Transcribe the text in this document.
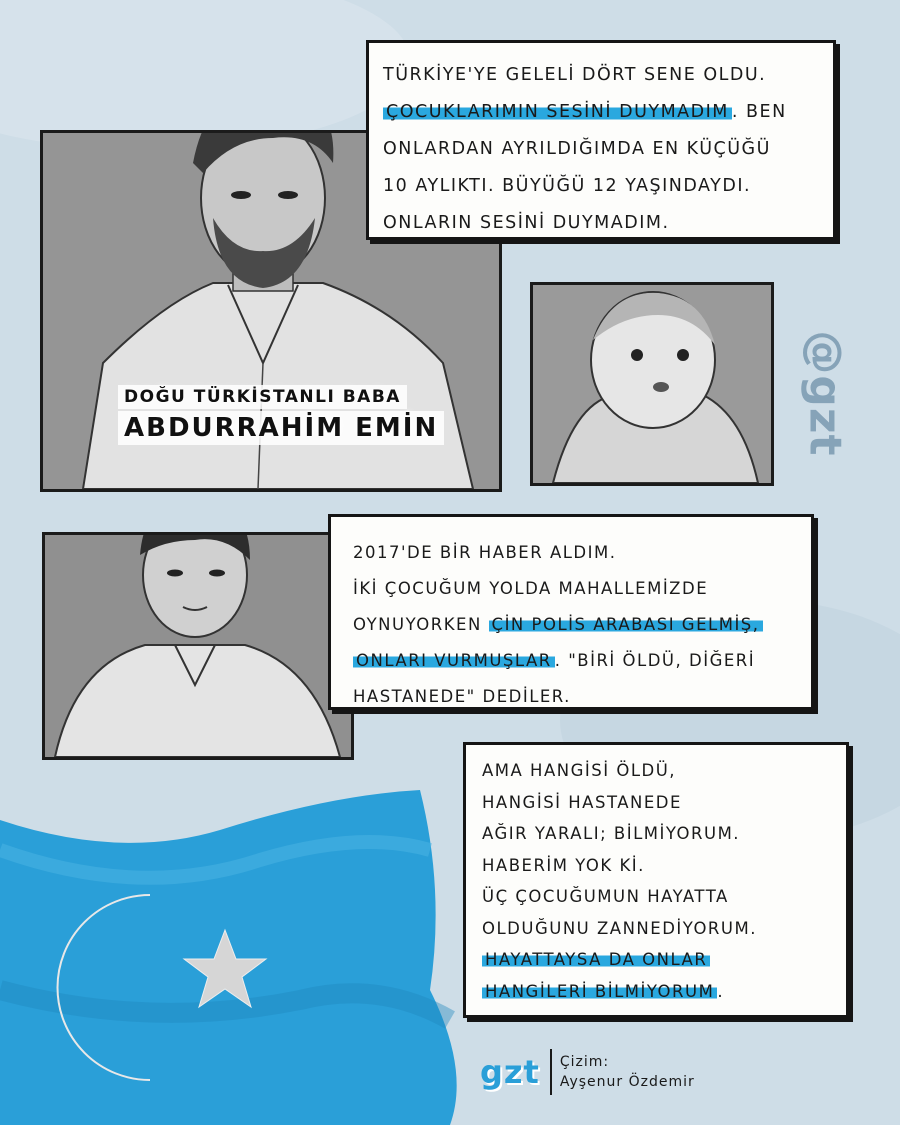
DOĞU TÜRKİSTANLI BABA
ABDURRAHİM EMİN
TÜRKİYE'YE GELELİ DÖRT SENE OLDU.
ÇOCUKLARIMIN SESİNİ DUYMADIM . BEN
ONLARDAN AYRILDIĞIMDA EN KÜÇÜĞÜ
10 AYLIKTI. BÜYÜĞÜ 12 YAŞINDAYDI.
ONLARIN SESİNİ DUYMADIM.
@gzt
2017'DE BİR HABER ALDIM.
İKİ ÇOCUĞUM YOLDA MAHALLEMİZDE
OYNUYORKEN ÇİN POLİS ARABASI GELMİŞ,
ONLARI VURMUŞLAR . "BİRİ ÖLDÜ, DİĞERİ
HASTANEDE" DEDİLER.
AMA HANGİSİ ÖLDÜ,
HANGİSİ HASTANEDE
AĞIR YARALI; BİLMİYORUM.
HABERİM YOK Kİ.
ÜÇ ÇOCUĞUMUN HAYATTA
OLDUĞUNU ZANNEDİYORUM.
HAYATTAYSA DA ONLAR
HANGİLERİ BİLMİYORUM .
gzt Çizim:
Ayşenur Özdemir
